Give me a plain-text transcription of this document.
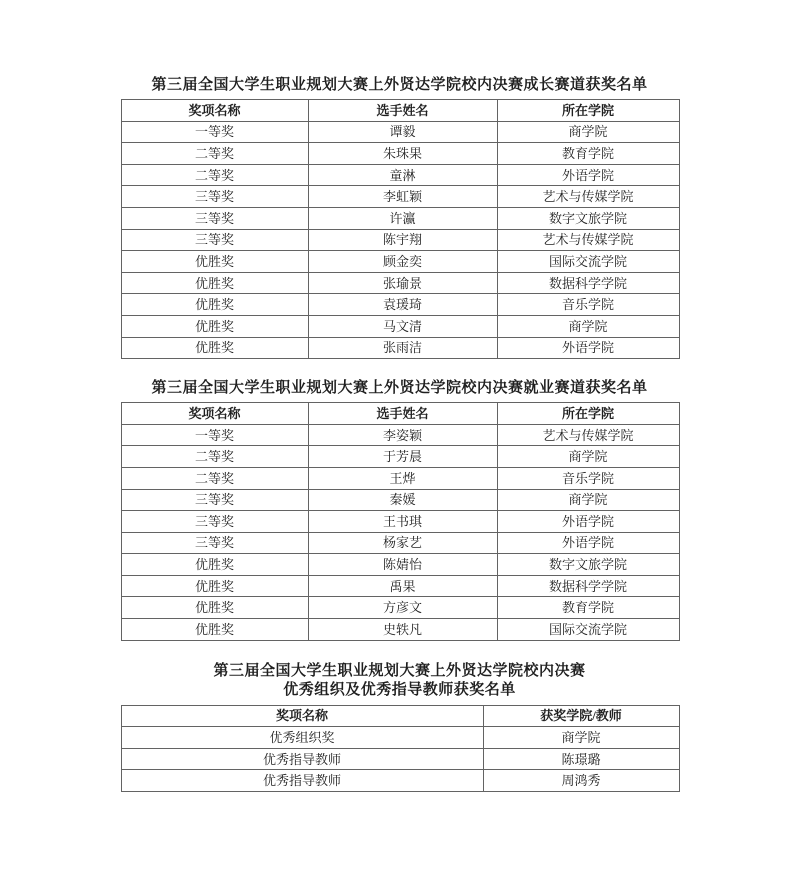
第三届全国大学生职业规划大赛上外贤达学院校内决赛成长赛道获奖名单
奖项名称	选手姓名	所在学院
一等奖	谭毅	商学院
二等奖	朱珠果	教育学院
二等奖	童淋	外语学院
三等奖	李虹颖	艺术与传媒学院
三等奖	许瀛	数字文旅学院
三等奖	陈宇翔	艺术与传媒学院
优胜奖	顾金奕	国际交流学院
优胜奖	张瑜景	数据科学学院
优胜奖	袁瑗琦	音乐学院
优胜奖	马文清	商学院
优胜奖	张雨洁	外语学院
第三届全国大学生职业规划大赛上外贤达学院校内决赛就业赛道获奖名单
奖项名称	选手姓名	所在学院
一等奖	李姿颖	艺术与传媒学院
二等奖	于芳晨	商学院
二等奖	王烨	音乐学院
三等奖	秦媛	商学院
三等奖	王书琪	外语学院
三等奖	杨家艺	外语学院
优胜奖	陈婧怡	数字文旅学院
优胜奖	禹果	数据科学学院
优胜奖	方彦文	教育学院
优胜奖	史轶凡	国际交流学院
第三届全国大学生职业规划大赛上外贤达学院校内决赛
优秀组织及优秀指导教师获奖名单
奖项名称	获奖学院/教师
优秀组织奖	商学院
优秀指导教师	陈璟璐
优秀指导教师	周鸿秀
